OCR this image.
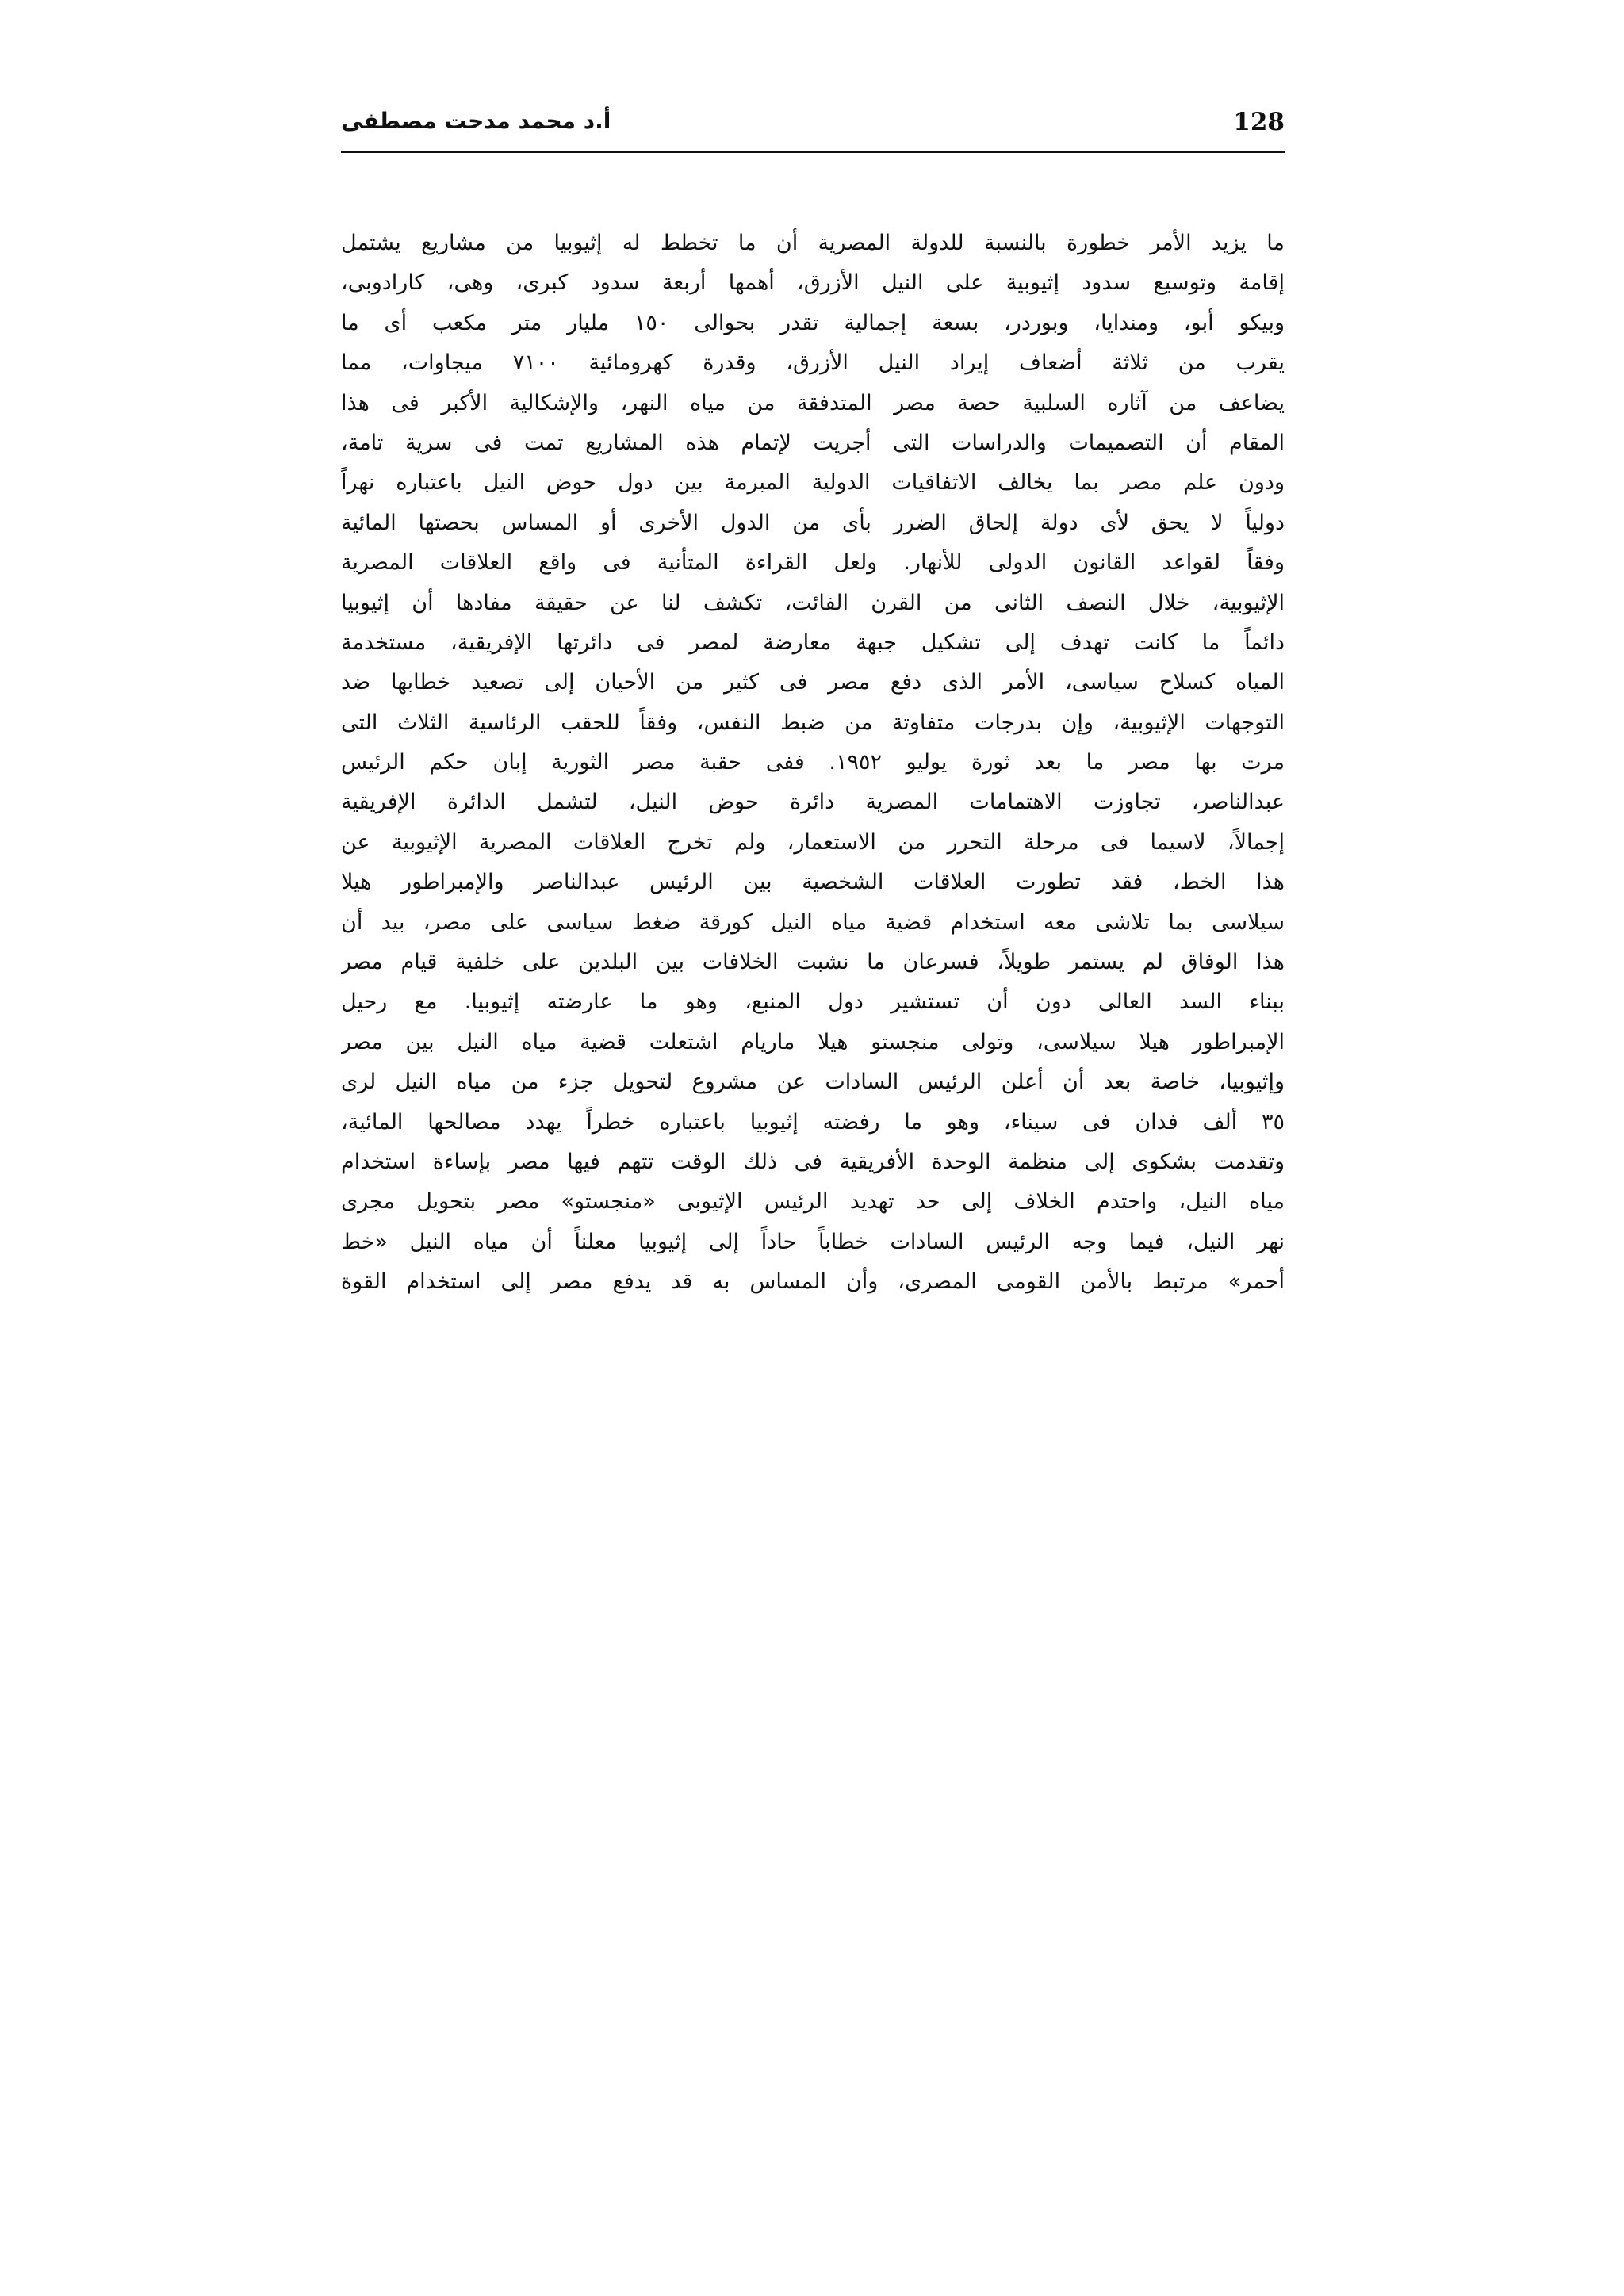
128
أ.د محمد مدحت مصطفى
ما يزيد الأمر خطورة بالنسبة للدولة المصرية أن ما تخطط له إثيوبيا من مشاريع يشتمل
إقامة وتوسيع سدود إثيوبية على النيل الأزرق، أهمها أربعة سدود كبرى، وهى، كارادوبى،
وبيكو أبو، ومندايا، وبوردر، بسعة إجمالية تقدر بحوالى ١٥٠ مليار متر مكعب أى ما
يقرب من ثلاثة أضعاف إيراد النيل الأزرق، وقدرة كهرومائية ٧١٠٠ ميجاوات، مما
يضاعف من آثاره السلبية حصة مصر المتدفقة من مياه النهر، والإشكالية الأكبر فى هذا
المقام أن التصميمات والدراسات التى أجريت لإتمام هذه المشاريع تمت فى سرية تامة،
ودون علم مصر بما يخالف الاتفاقيات الدولية المبرمة بين دول حوض النيل باعتباره نهراً
دولياً لا يحق لأى دولة إلحاق الضرر بأى من الدول الأخرى أو المساس بحصتها المائية
وفقاً لقواعد القانون الدولى للأنهار. ولعل القراءة المتأنية فى واقع العلاقات المصرية
الإثيوبية، خلال النصف الثانى من القرن الفائت، تكشف لنا عن حقيقة مفادها أن إثيوبيا
دائماً ما كانت تهدف إلى تشكيل جبهة معارضة لمصر فى دائرتها الإفريقية، مستخدمة
المياه كسلاح سياسى، الأمر الذى دفع مصر فى كثير من الأحيان إلى تصعيد خطابها ضد
التوجهات الإثيوبية، وإن بدرجات متفاوتة من ضبط النفس، وفقاً للحقب الرئاسية الثلاث التى
مرت بها مصر ما بعد ثورة يوليو ١٩٥٢. ففى حقبة مصر الثورية إبان حكم الرئيس
عبدالناصر، تجاوزت الاهتمامات المصرية دائرة حوض النيل، لتشمل الدائرة الإفريقية
إجمالاً، لاسيما فى مرحلة التحرر من الاستعمار، ولم تخرج العلاقات المصرية الإثيوبية عن
هذا الخط، فقد تطورت العلاقات الشخصية بين الرئيس عبدالناصر والإمبراطور هيلا
سيلاسى بما تلاشى معه استخدام قضية مياه النيل كورقة ضغط سياسى على مصر، بيد أن
هذا الوفاق لم يستمر طويلاً، فسرعان ما نشبت الخلافات بين البلدين على خلفية قيام مصر
ببناء السد العالى دون أن تستشير دول المنبع، وهو ما عارضته إثيوبيا. مع رحيل
الإمبراطور هيلا سيلاسى، وتولى منجستو هيلا ماريام اشتعلت قضية مياه النيل بين مصر
وإثيوبيا، خاصة بعد أن أعلن الرئيس السادات عن مشروع لتحويل جزء من مياه النيل لرى
٣٥ ألف فدان فى سيناء، وهو ما رفضته إثيوبيا باعتباره خطراً يهدد مصالحها المائية،
وتقدمت بشكوى إلى منظمة الوحدة الأفريقية فى ذلك الوقت تتهم فيها مصر بإساءة استخدام
مياه النيل، واحتدم الخلاف إلى حد تهديد الرئيس الإثيوبى «منجستو» مصر بتحويل مجرى
نهر النيل، فيما وجه الرئيس السادات خطاباً حاداً إلى إثيوبيا معلناً أن مياه النيل «خط
أحمر» مرتبط بالأمن القومى المصرى، وأن المساس به قد يدفع مصر إلى استخدام القوة
